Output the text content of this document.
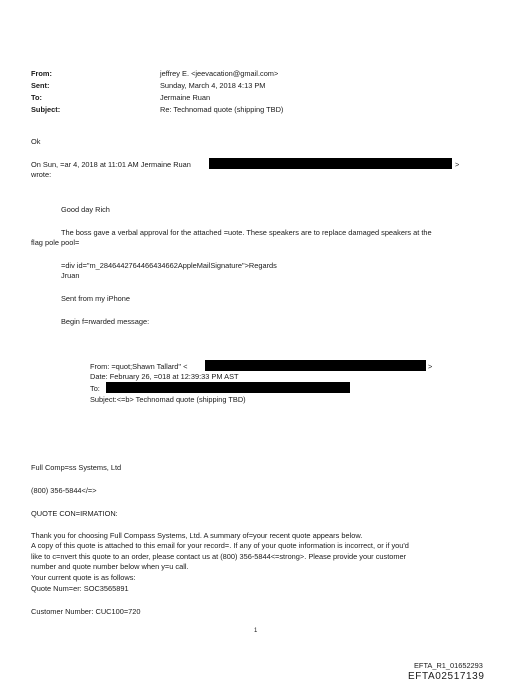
From:	jeffrey E. <jeevacation@gmail.com>
Sent:	Sunday, March 4, 2018 4:13 PM
To:	Jermaine Ruan
Subject:	Re: Technomad quote (shipping TBD)
Ok
On Sun, =ar 4, 2018 at 11:01 AM Jermaine Ruan	>
wrote:
Good day Rich
The boss gave a verbal approval for the attached =uote. These speakers are to replace damaged speakers at the
flag pole pool=
=div id="m_2846442764466434662AppleMailSignature">Regards
Jruan
Sent from my iPhone
Begin f=rwarded message:
From: =quot;Shawn Tallard" <	>
Date: February 26, =018 at 12:39:33 PM AST
To:
Subject:<=b> Technomad quote (shipping TBD)
Full Comp=ss Systems, Ltd
(800) 356-5844</=>
QUOTE CON=IRMATION:
Thank you for choosing Full Compass Systems, Ltd. A summary of=your recent quote appears below.
A copy of this quote is attached to this email for your record=. If any of your quote information is incorrect, or if you'd
like to c=nvert this quote to an order, please contact us at (800) 356-5844<=strong>. Please provide your customer
number and quote number below when y=u call.
Your current quote is as follows:
Quote Num=er: SOC3565891
Customer Number: CUC100=720
1
EFTA_R1_01652293
EFTA02517139
